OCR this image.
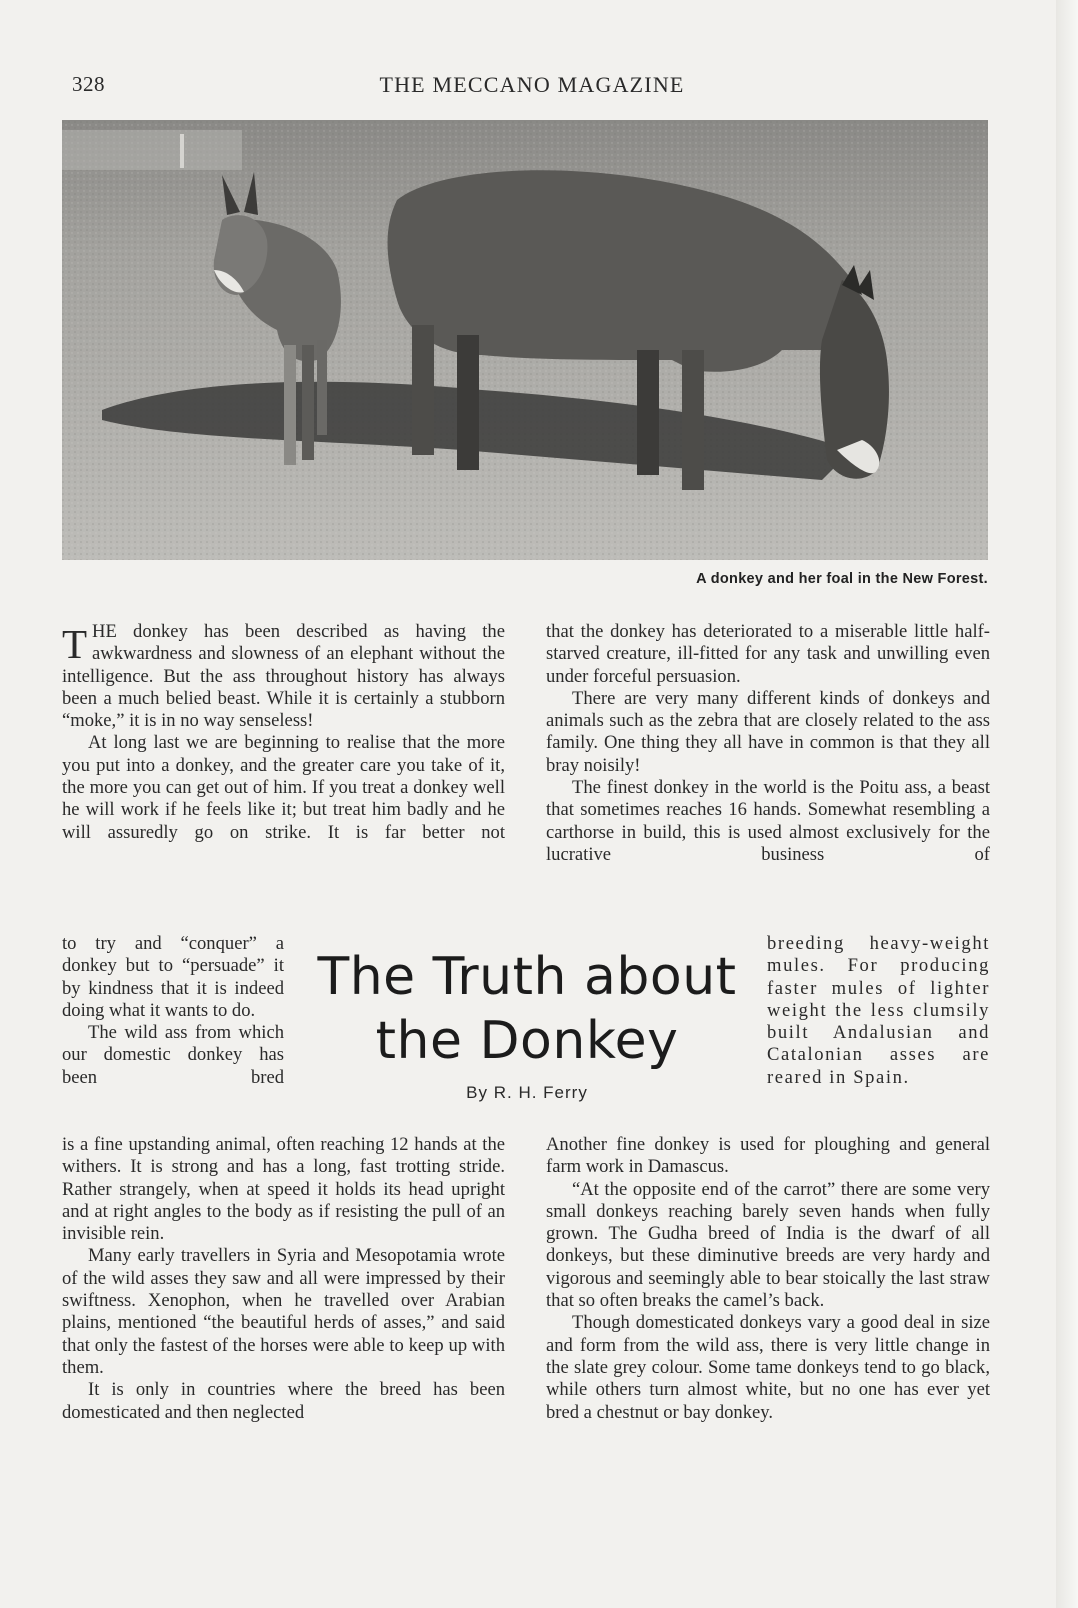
328	THE MECCANO MAGAZINE
A donkey and her foal in the New Forest.

THE donkey has been described as having the awkwardness and slowness of an elephant without the intelligence. But the ass throughout history has always been a much belied beast. While it is certainly a stubborn “moke,” it is in no way senseless!

At long last we are beginning to realise that the more you put into a donkey, and the greater care you take of it, the more you can get out of him. If you treat a donkey well he will work if he feels like it; but treat him badly and he will assuredly go on strike. It is far better not

to try and “conquer” a donkey but to “persuade” it by kindness that it is indeed doing what it wants to do.

The wild ass from which our domestic donkey has been bred

is a fine upstanding animal, often reaching 12 hands at the withers. It is strong and has a long, fast trotting stride. Rather strangely, when at speed it holds its head upright and at right angles to the body as if resisting the pull of an invisible rein.

Many early travellers in Syria and Mesopotamia wrote of the wild asses they saw and all were impressed by their swiftness. Xenophon, when he travelled over Arabian plains, mentioned “the beautiful herds of asses,” and said that only the fastest of the horses were able to keep up with them.

It is only in countries where the breed has been domesticated and then neglected

The Truth about
the Donkey
By R. H. Ferry

that the donkey has deteriorated to a miserable little half-starved creature, ill-fitted for any task and unwilling even under forceful persuasion.

There are very many different kinds of donkeys and animals such as the zebra that are closely related to the ass family. One thing they all have in common is that they all bray noisily!

The finest donkey in the world is the Poitu ass, a beast that sometimes reaches 16 hands. Somewhat resembling a carthorse in build, this is used almost exclusively for the lucrative business of

breeding heavy-weight mules. For producing faster mules of lighter weight the less clumsily built Andalusian and Catalonian asses are reared in Spain.

Another fine donkey is used for ploughing and general farm work in Damascus.

“At the opposite end of the carrot” there are some very small donkeys reaching barely seven hands when fully grown. The Gudha breed of India is the dwarf of all donkeys, but these diminutive breeds are very hardy and vigorous and seemingly able to bear stoically the last straw that so often breaks the camel’s back.

Though domesticated donkeys vary a good deal in size and form from the wild ass, there is very little change in the slate grey colour. Some tame donkeys tend to go black, while others turn almost white, but no one has ever yet bred a chestnut or bay donkey.
